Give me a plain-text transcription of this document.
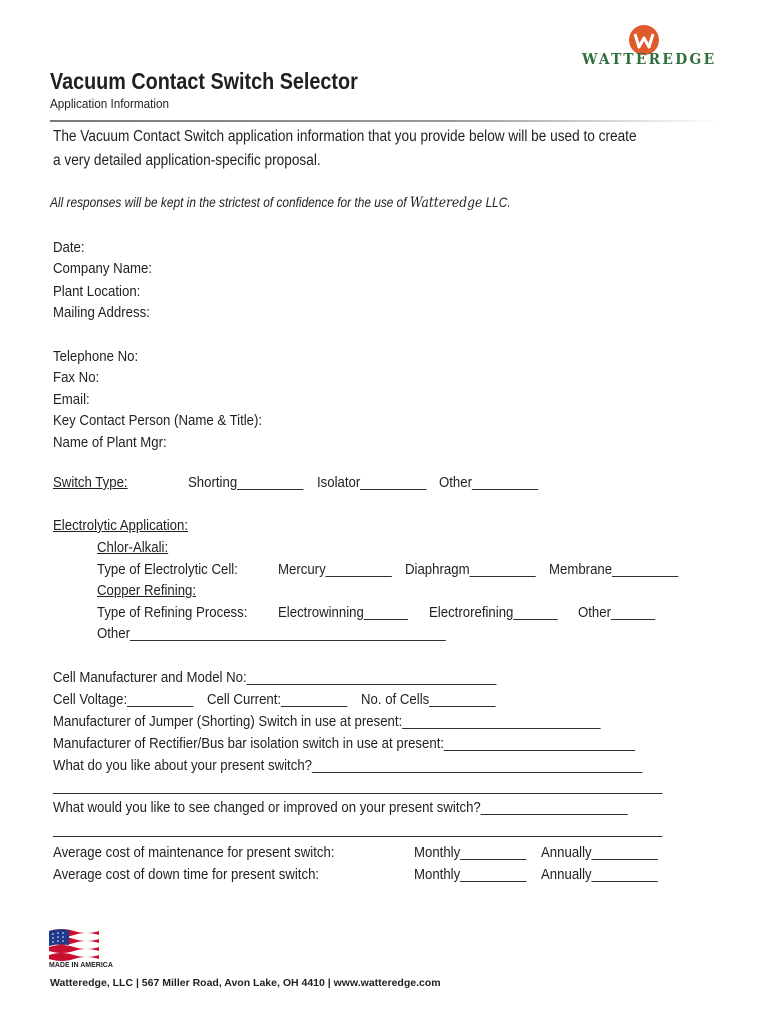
WATTEREDGE
Vacuum Contact Switch Selector
Application Information
The Vacuum Contact Switch application information that you provide below will be used to create
a very detailed application-specific proposal.
All responses will be kept in the strictest of confidence for the use of Watteredge LLC.
Date:
Company Name:
Plant Location:
Mailing Address:
Telephone No:
Fax No:
Email:
Key Contact Person (Name & Title):
Name of Plant Mgr:
Switch Type:	Shorting_________ Isolator_________ Other_________
Electrolytic Application:
Chlor-Alkali:
Type of Electrolytic Cell:	Mercury_________ Diaphragm_________ Membrane_________
Copper Refining:
Type of Refining Process: Electrowinning______ Electrorefining______ Other______
Other___________________________________________
Cell Manufacturer and Model No:__________________________________
Cell Voltage:_________ Cell Current:_________ No. of Cells_________
Manufacturer of Jumper (Shorting) Switch in use at present:___________________________
Manufacturer of Rectifier/Bus bar isolation switch in use at present:__________________________
What do you like about your present switch?_____________________________________________
___________________________________________________________________________________
What would you like to see changed or improved on your present switch?____________________
___________________________________________________________________________________
Average cost of maintenance for present switch:	Monthly_________ Annually_________
Average cost of down time for present switch:	Monthly_________ Annually_________
MADE IN AMERICA
Watteredge, LLC | 567 Miller Road, Avon Lake, OH 4410 | www.watteredge.com
